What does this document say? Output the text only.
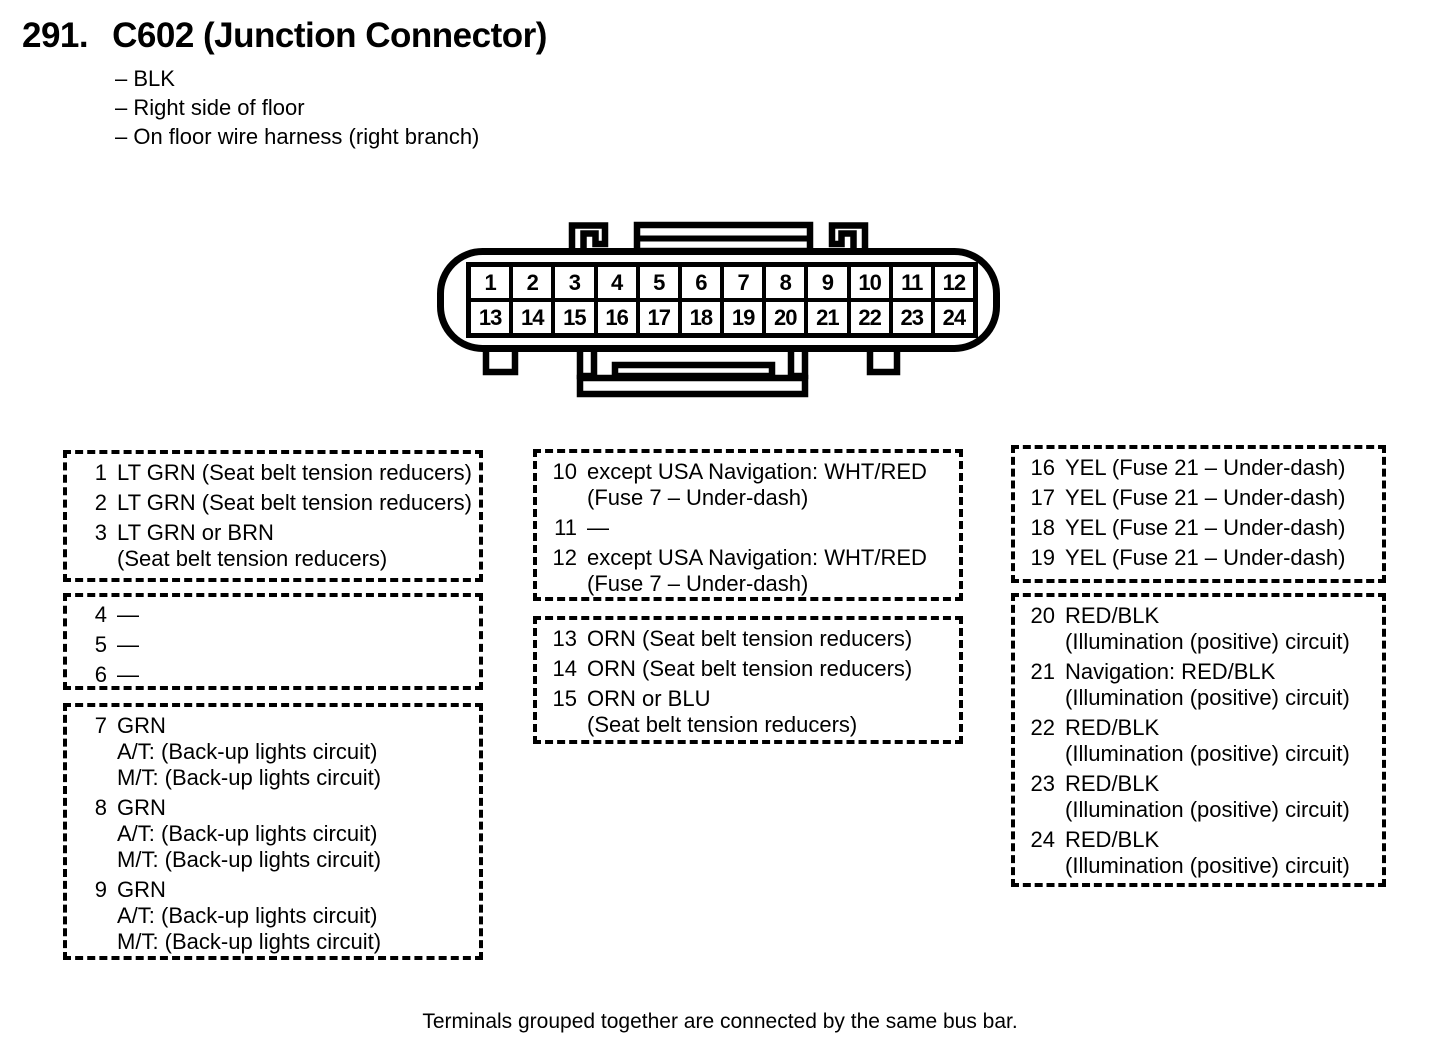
291. C602 (Junction Connector)
– BLK
– Right side of floor
– On floor wire harness (right branch)
1	2	3	4	5	6	7	8	9	10 11 12
13 14 15 16 17 18 19 20 21 22 23 24
1 LT GRN (Seat belt tension reducers)
2 LT GRN (Seat belt tension reducers)
3 LT GRN or BRN
(Seat belt tension reducers)
4 —
5 —
6 —
7 GRN
A/T: (Back-up lights circuit)
M/T: (Back-up lights circuit)
8 GRN
A/T: (Back-up lights circuit)
M/T: (Back-up lights circuit)
9 GRN
A/T: (Back-up lights circuit)
M/T: (Back-up lights circuit)
10 except USA Navigation: WHT/RED
(Fuse 7 – Under-dash)
11 —
12 except USA Navigation: WHT/RED
(Fuse 7 – Under-dash)
13 ORN (Seat belt tension reducers)
14 ORN (Seat belt tension reducers)
15 ORN or BLU
(Seat belt tension reducers)
16 YEL (Fuse 21 – Under-dash)
17 YEL (Fuse 21 – Under-dash)
18 YEL (Fuse 21 – Under-dash)
19 YEL (Fuse 21 – Under-dash)
20 RED/BLK
(Illumination (positive) circuit)
21 Navigation: RED/BLK
(Illumination (positive) circuit)
22 RED/BLK
(Illumination (positive) circuit)
23 RED/BLK
(Illumination (positive) circuit)
24 RED/BLK
(Illumination (positive) circuit)
Terminals grouped together are connected by the same bus bar.
